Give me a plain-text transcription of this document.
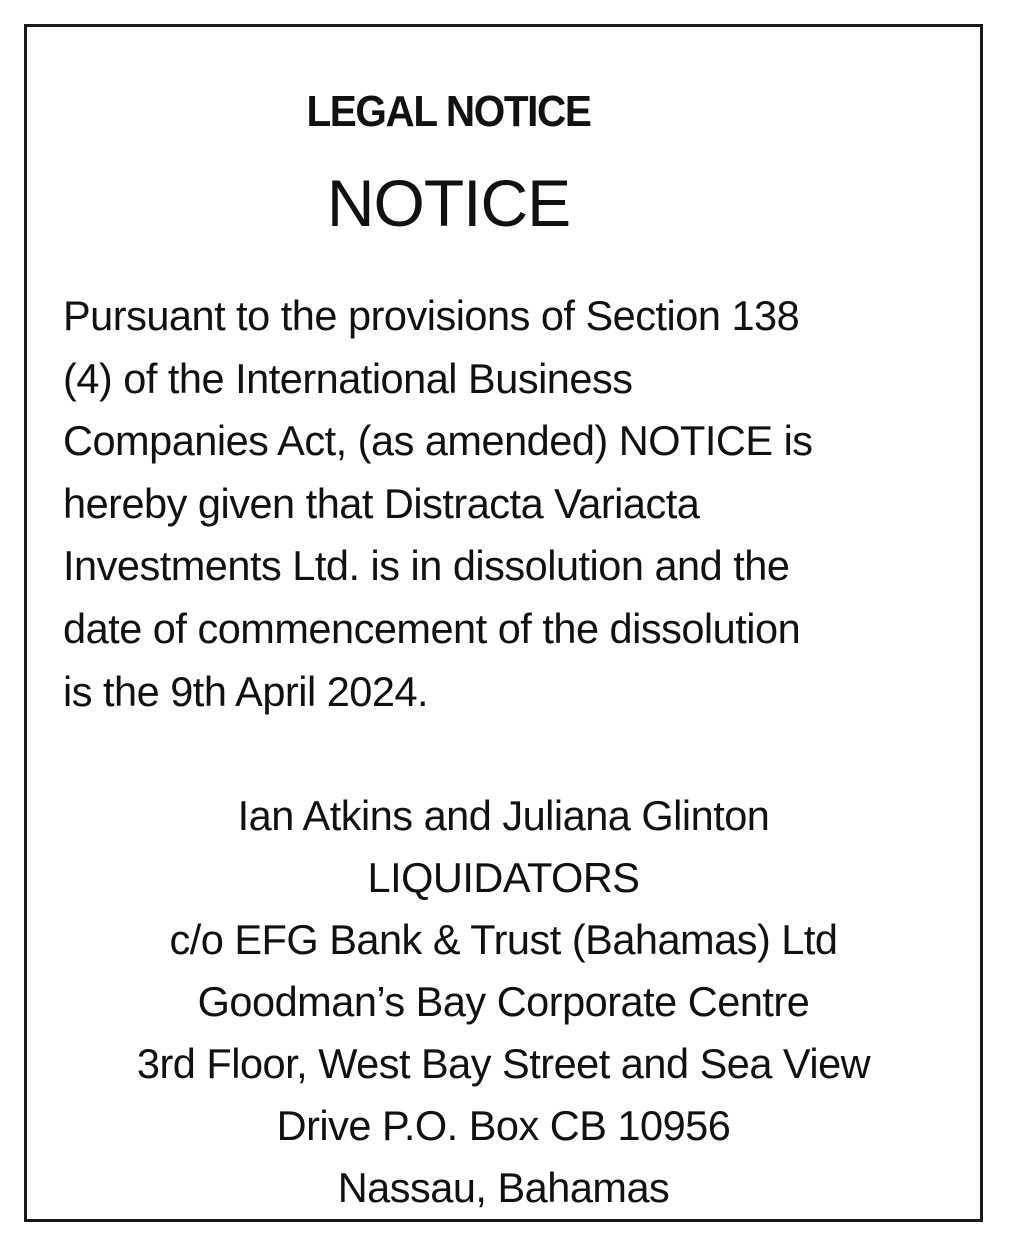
LEGAL NOTICE
NOTICE
Pursuant to the provisions of Section 138
(4) of the International Business
Companies Act, (as amended) NOTICE is
hereby given that Distracta Variacta
Investments Ltd. is in dissolution and the
date of commencement of the dissolution
is the 9th April 2024.
Ian Atkins and Juliana Glinton
LIQUIDATORS
c/o EFG Bank & Trust (Bahamas) Ltd
Goodman’s Bay Corporate Centre
3rd Floor, West Bay Street and Sea View
Drive P.O. Box CB 10956
Nassau, Bahamas
